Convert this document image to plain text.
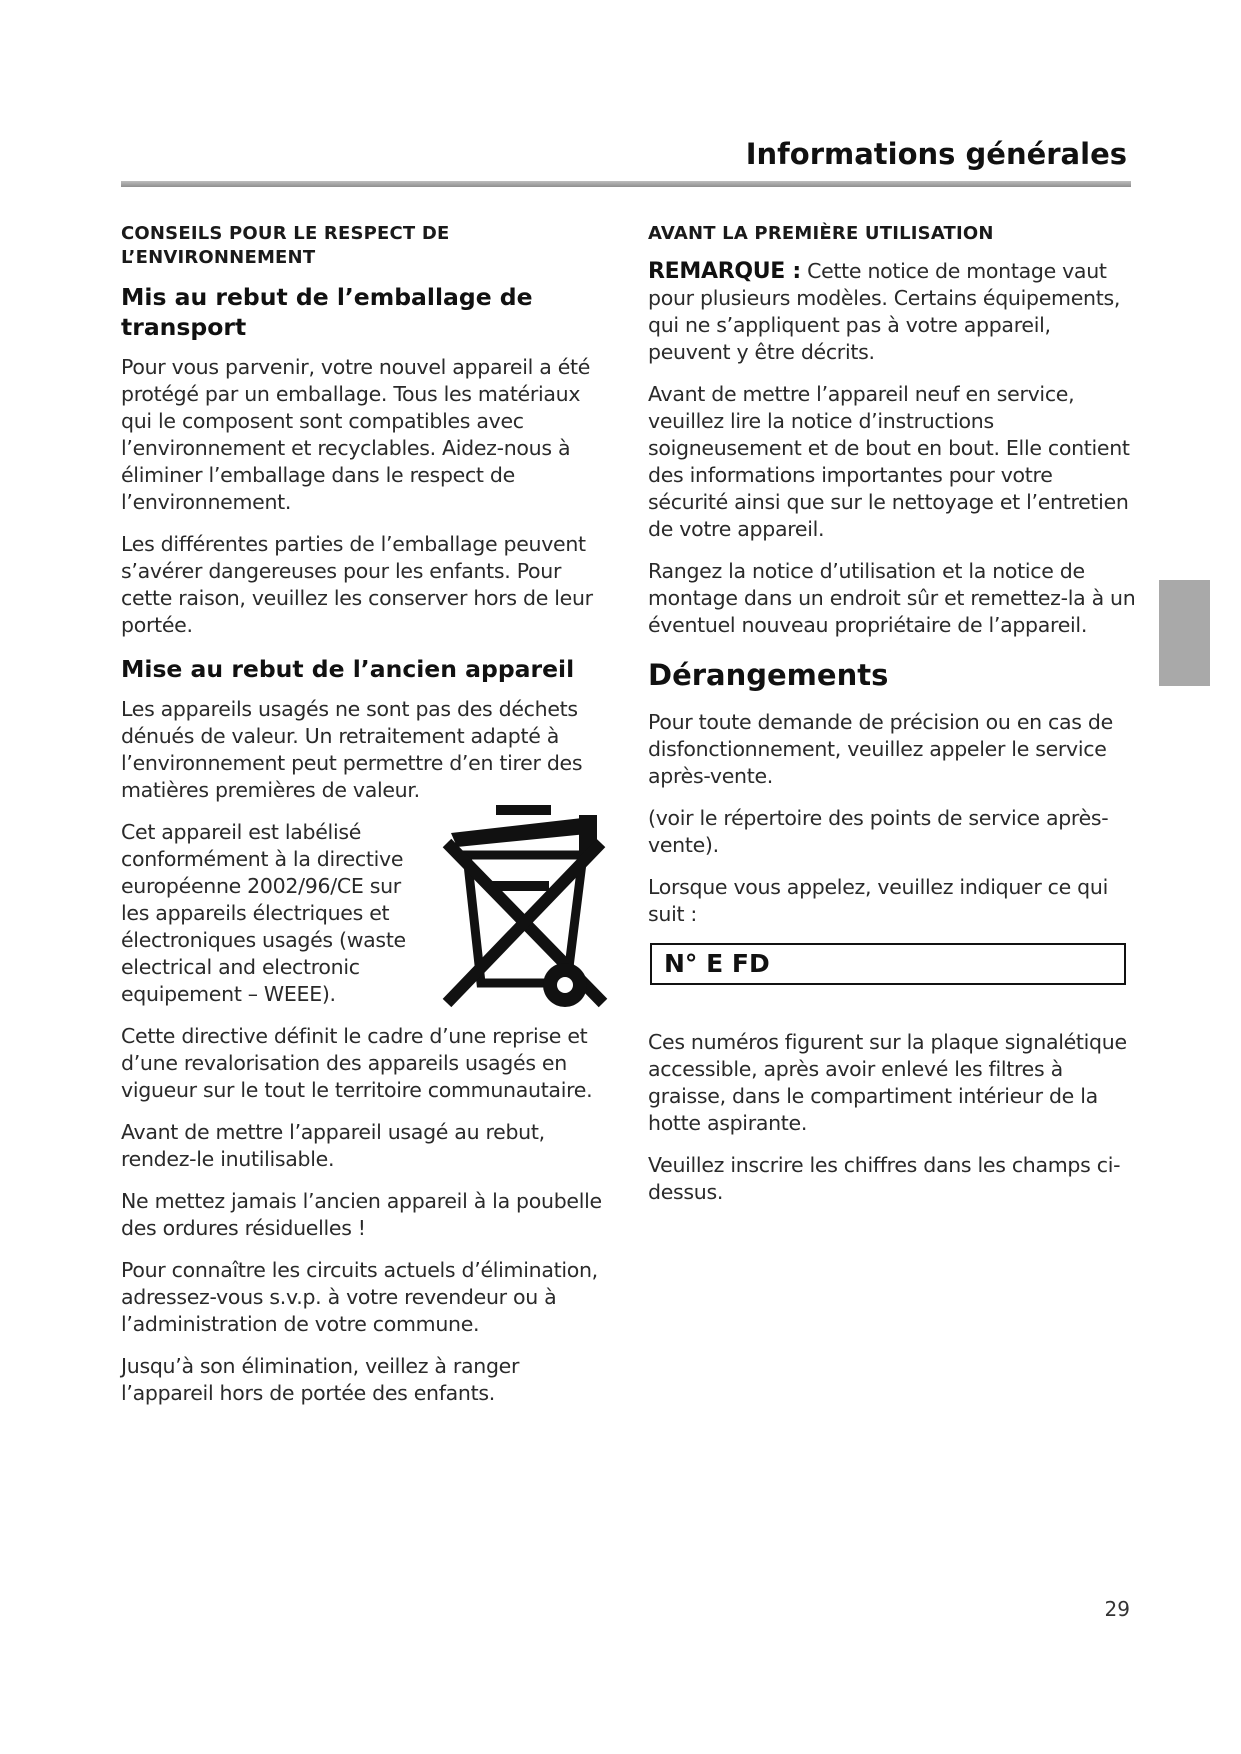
Informations générales
CONSEILS POUR LE RESPECT DE
L’ENVIRONNEMENT
Mis au rebut de l’emballage de transport

Pour vous parvenir, votre nouvel appareil a été protégé par un emballage. Tous les matériaux qui le composent sont compatibles avec l’environnement et recyclables. Aidez-nous à éliminer l’emballage dans le respect de l’environnement.

Les différentes parties de l’emballage peuvent s’avérer dangereuses pour les enfants. Pour cette raison, veuillez les conserver hors de leur portée.

Mise au rebut de l’ancien appareil

Les appareils usagés ne sont pas des déchets dénués de valeur. Un retraitement adapté à l’environnement peut permettre d’en tirer des matières premières de valeur.

Cet appareil est labélisé conformément à la directive européenne 2002/96/CE sur les appareils électriques et électroniques usagés (waste electrical and electronic equipement – WEEE).

Cette directive définit le cadre d’une reprise et d’une revalorisation des appareils usagés en vigueur sur le tout le territoire communautaire.

Avant de mettre l’appareil usagé au rebut, rendez-le inutilisable.

Ne mettez jamais l’ancien appareil à la poubelle des ordures résiduelles !

Pour connaître les circuits actuels d’élimination, adressez-vous s.v.p. à votre revendeur ou à l’administration de votre commune.

Jusqu’à son élimination, veillez à ranger l’appareil hors de portée des enfants.

AVANT LA PREMIÈRE UTILISATION

REMARQUE : Cette notice de montage vaut pour plusieurs modèles. Certains équipements, qui ne s’appliquent pas à votre appareil, peuvent y être décrits.

Avant de mettre l’appareil neuf en service, veuillez lire la notice d’instructions soigneusement et de bout en bout. Elle contient des informations importantes pour votre sécurité ainsi que sur le nettoyage et l’entretien de votre appareil.

Rangez la notice d’utilisation et la notice de montage dans un endroit sûr et remettez-la à un éventuel nouveau propriétaire de l’appareil.

Dérangements

Pour toute demande de précision ou en cas de disfonctionnement, veuillez appeler le service après-vente.

(voir le répertoire des points de service après-vente).

Lorsque vous appelez, veuillez indiquer ce qui suit :

N° E FD

Ces numéros figurent sur la plaque signalétique accessible, après avoir enlevé les filtres à graisse, dans le compartiment intérieur de la hotte aspirante.

Veuillez inscrire les chiffres dans les champs ci-dessus.

29
